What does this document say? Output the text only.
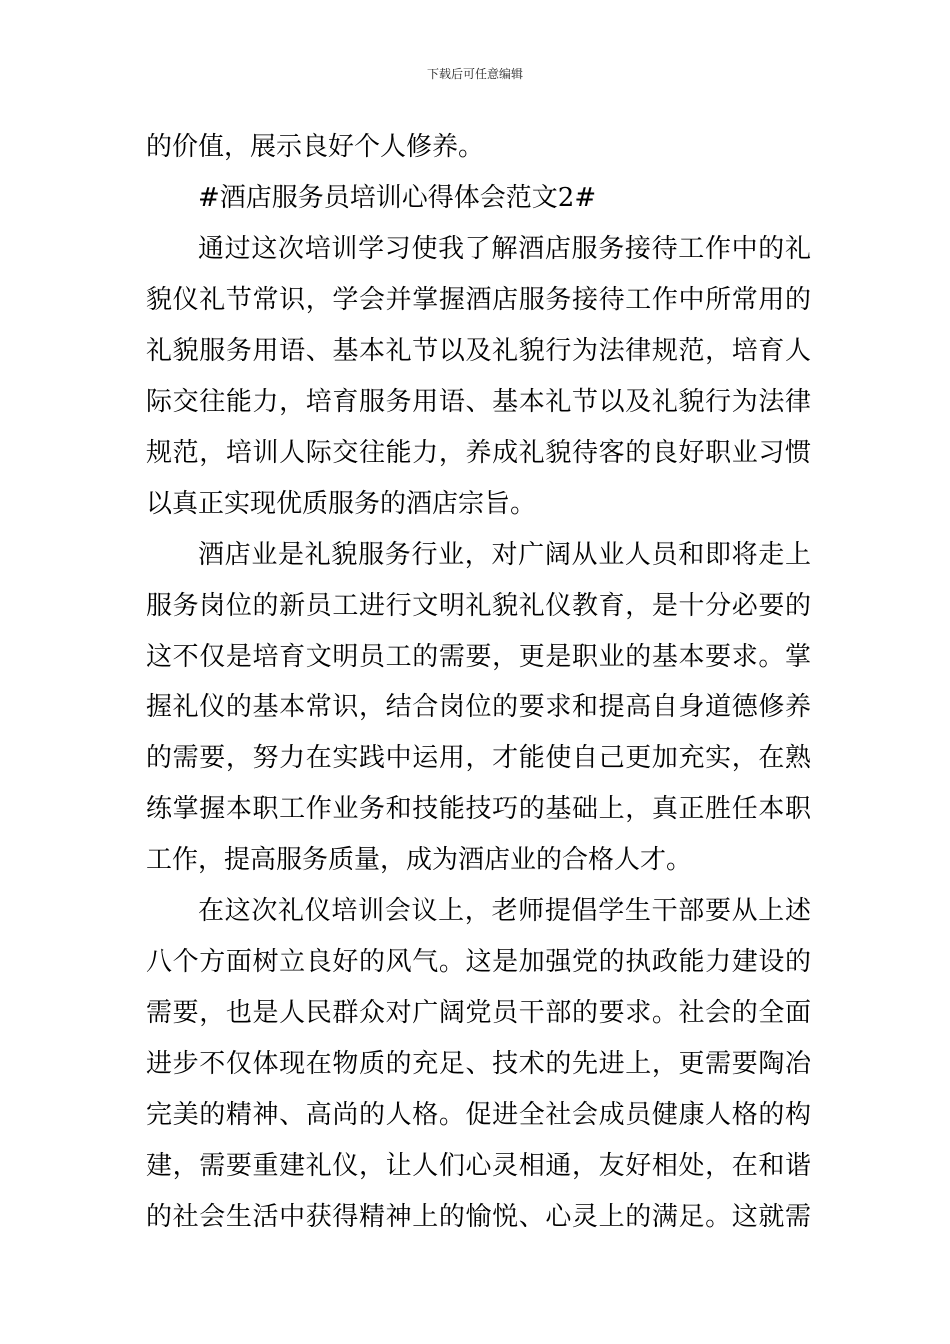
下载后可任意编辑
的价值，展示良好个人修养。
#酒店服务员培训心得体会范文2#
通过这次培训学习使我了解酒店服务接待工作中的礼
貌仪礼节常识，学会并掌握酒店服务接待工作中所常用的
礼貌服务用语、基本礼节以及礼貌行为法律规范，培育人
际交往能力，培育服务用语、基本礼节以及礼貌行为法律
规范，培训人际交往能力，养成礼貌待客的良好职业习惯
以真正实现优质服务的酒店宗旨。
酒店业是礼貌服务行业，对广阔从业人员和即将走上
服务岗位的新员工进行文明礼貌礼仪教育，是十分必要的
这不仅是培育文明员工的需要，更是职业的基本要求。掌
握礼仪的基本常识，结合岗位的要求和提高自身道德修养
的需要，努力在实践中运用，才能使自己更加充实，在熟
练掌握本职工作业务和技能技巧的基础上，真正胜任本职
工作，提高服务质量，成为酒店业的合格人才。
在这次礼仪培训会议上，老师提倡学生干部要从上述
八个方面树立良好的风气。这是加强党的执政能力建设的
需要，也是人民群众对广阔党员干部的要求。社会的全面
进步不仅体现在物质的充足、技术的先进上，更需要陶冶
完美的精神、高尚的人格。促进全社会成员健康人格的构
建，需要重建礼仪，让人们心灵相通，友好相处，在和谐
的社会生活中获得精神上的愉悦、心灵上的满足。这就需
